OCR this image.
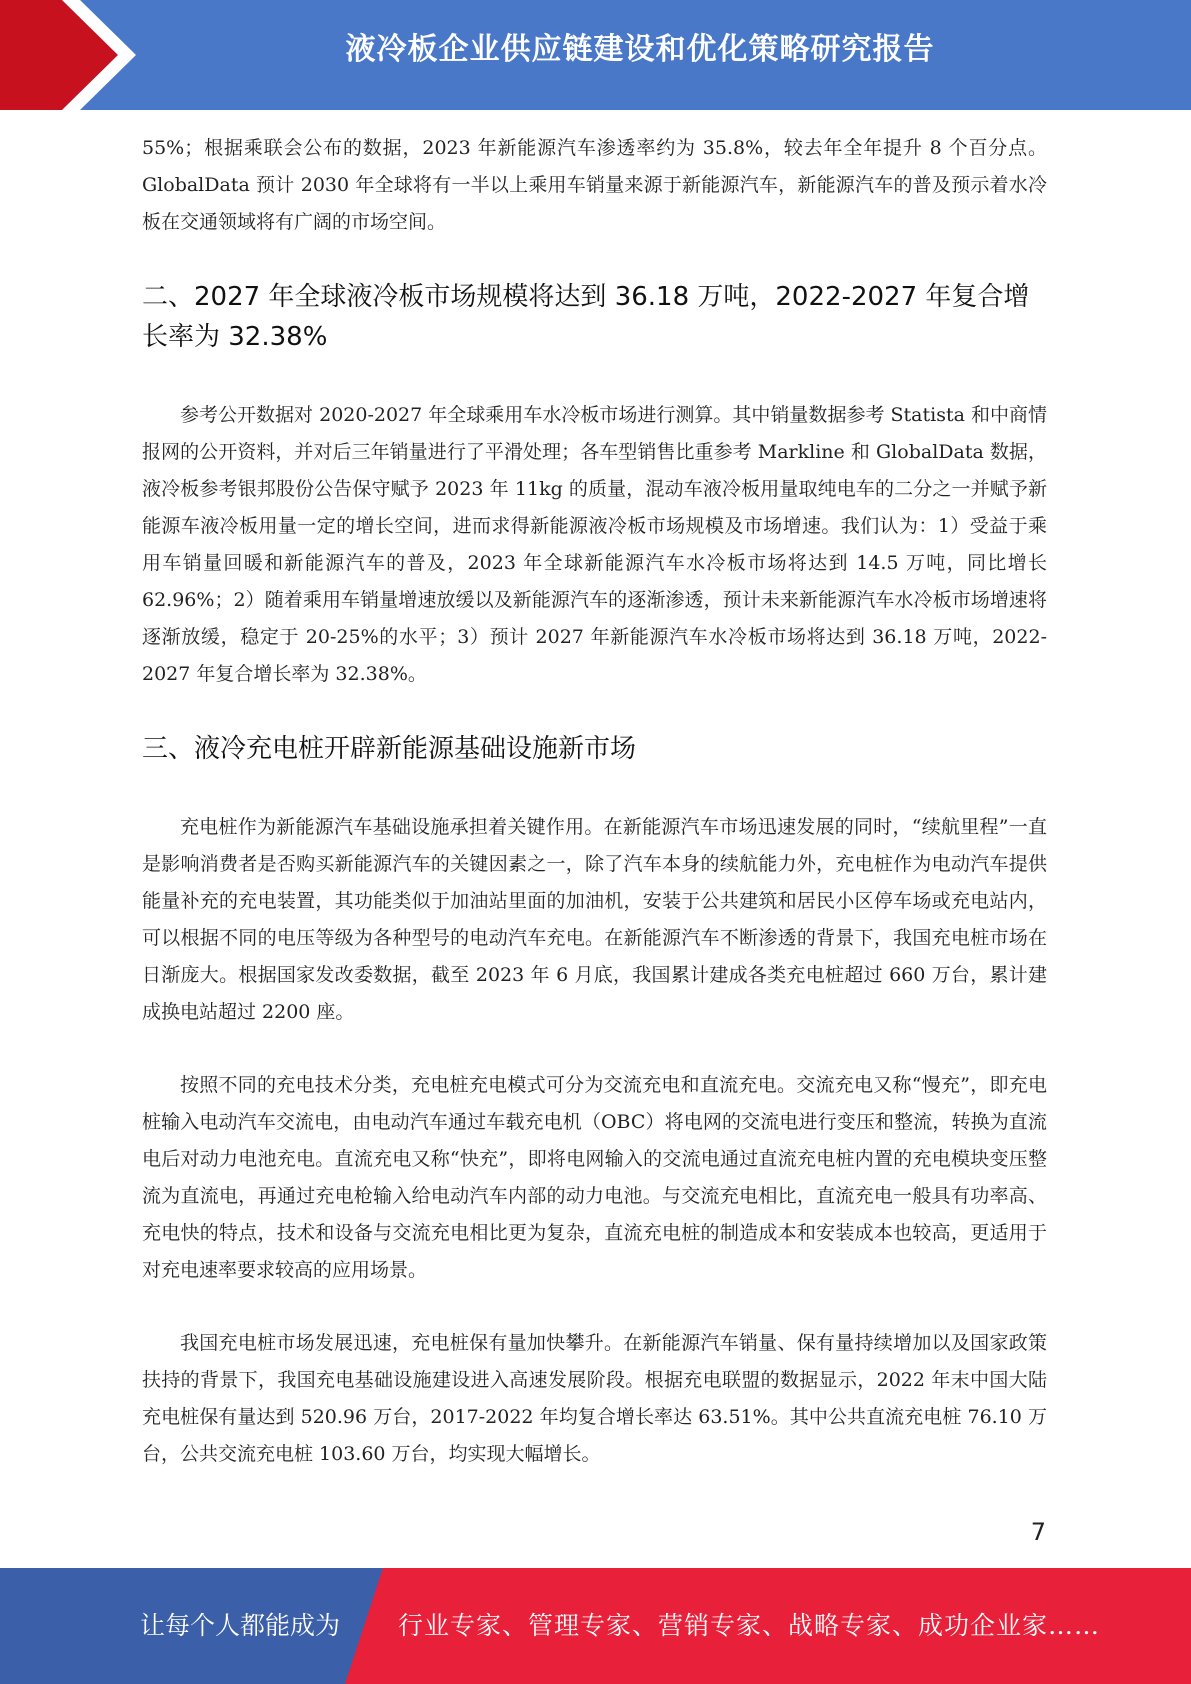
液冷板企业供应链建设和优化策略研究报告

55%；根据乘联会公布的数据，2023 年新能源汽车渗透率约为 35.8%，较去年全年提升 8 个百分点。GlobalData 预计 2030 年全球将有一半以上乘用车销量来源于新能源汽车，新能源汽车的普及预示着水冷板在交通领域将有广阔的市场空间。

二、2027 年全球液冷板市场规模将达到 36.18 万吨，2022-2027 年复合增长率为 32.38%

参考公开数据对 2020-2027 年全球乘用车水冷板市场进行测算。其中销量数据参考 Statista 和中商情报网的公开资料，并对后三年销量进行了平滑处理；各车型销售比重参考 Markline 和 GlobalData 数据，液冷板参考银邦股份公告保守赋予 2023 年 11kg 的质量，混动车液冷板用量取纯电车的二分之一并赋予新能源车液冷板用量一定的增长空间，进而求得新能源液冷板市场规模及市场增速。我们认为：1）受益于乘用车销量回暖和新能源汽车的普及，2023 年全球新能源汽车水冷板市场将达到 14.5 万吨，同比增长 62.96%；2）随着乘用车销量增速放缓以及新能源汽车的逐渐渗透，预计未来新能源汽车水冷板市场增速将逐渐放缓，稳定于 20-25%的水平；3）预计 2027 年新能源汽车水冷板市场将达到 36.18 万吨，2022-2027 年复合增长率为 32.38%。

三、液冷充电桩开辟新能源基础设施新市场

充电桩作为新能源汽车基础设施承担着关键作用。在新能源汽车市场迅速发展的同时，“续航里程”一直是影响消费者是否购买新能源汽车的关键因素之一，除了汽车本身的续航能力外，充电桩作为电动汽车提供能量补充的充电装置，其功能类似于加油站里面的加油机，安装于公共建筑和居民小区停车场或充电站内，可以根据不同的电压等级为各种型号的电动汽车充电。在新能源汽车不断渗透的背景下，我国充电桩市场在日渐庞大。根据国家发改委数据，截至 2023 年 6 月底，我国累计建成各类充电桩超过 660 万台，累计建成换电站超过 2200 座。

按照不同的充电技术分类，充电桩充电模式可分为交流充电和直流充电。交流充电又称“慢充”，即充电桩输入电动汽车交流电，由电动汽车通过车载充电机（OBC）将电网的交流电进行变压和整流，转换为直流电后对动力电池充电。直流充电又称“快充”，即将电网输入的交流电通过直流充电桩内置的充电模块变压整流为直流电，再通过充电枪输入给电动汽车内部的动力电池。与交流充电相比，直流充电一般具有功率高、充电快的特点，技术和设备与交流充电相比更为复杂，直流充电桩的制造成本和安装成本也较高，更适用于对充电速率要求较高的应用场景。

我国充电桩市场发展迅速，充电桩保有量加快攀升。在新能源汽车销量、保有量持续增加以及国家政策扶持的背景下，我国充电基础设施建设进入高速发展阶段。根据充电联盟的数据显示，2022 年末中国大陆充电桩保有量达到 520.96 万台，2017-2022 年均复合增长率达 63.51%。其中公共直流充电桩 76.10 万台，公共交流充电桩 103.60 万台，均实现大幅增长。

7
让每个人都能成为 行业专家、管理专家、营销专家、战略专家、成功企业家……
